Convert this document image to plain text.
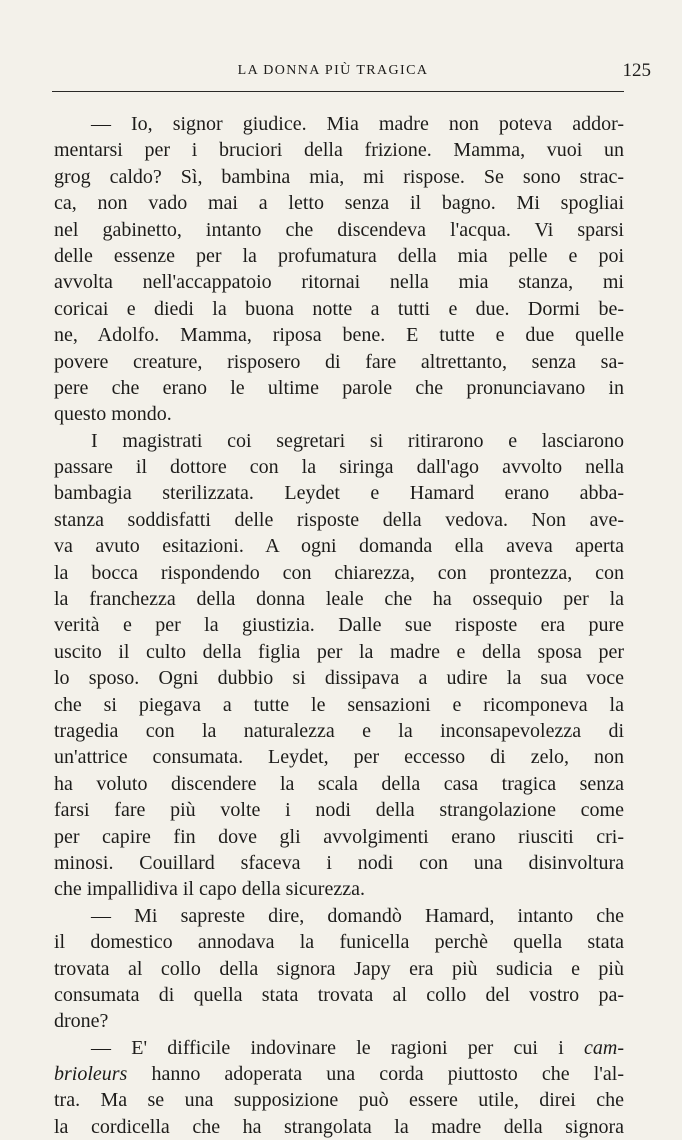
LA DONNA PIÙ TRAGICA	125
— Io, signor giudice. Mia madre non poteva addor-
mentarsi per i bruciori della frizione. Mamma, vuoi un
grog caldo? Sì, bambina mia, mi rispose. Se sono strac-
ca, non vado mai a letto senza il bagno. Mi spogliai
nel gabinetto, intanto che discendeva l'acqua. Vi sparsi
delle essenze per la profumatura della mia pelle e poi
avvolta nell'accappatoio ritornai nella mia stanza, mi
coricai e diedi la buona notte a tutti e due. Dormi be-
ne, Adolfo. Mamma, riposa bene. E tutte e due quelle
povere creature, risposero di fare altrettanto, senza sa-
pere che erano le ultime parole che pronunciavano in
questo mondo.
I magistrati coi segretari si ritirarono e lasciarono
passare il dottore con la siringa dall'ago avvolto nella
bambagia sterilizzata. Leydet e Hamard erano abba-
stanza soddisfatti delle risposte della vedova. Non ave-
va avuto esitazioni. A ogni domanda ella aveva aperta
la bocca rispondendo con chiarezza, con prontezza, con
la franchezza della donna leale che ha ossequio per la
verità e per la giustizia. Dalle sue risposte era pure
uscito il culto della figlia per la madre e della sposa per
lo sposo. Ogni dubbio si dissipava a udire la sua voce
che si piegava a tutte le sensazioni e ricomponeva la
tragedia con la naturalezza e la inconsapevolezza di
un'attrice consumata. Leydet, per eccesso di zelo, non
ha voluto discendere la scala della casa tragica senza
farsi fare più volte i nodi della strangolazione come
per capire fin dove gli avvolgimenti erano riusciti cri-
minosi. Couillard sfaceva i nodi con una disinvoltura
che impallidiva il capo della sicurezza.
— Mi sapreste dire, domandò Hamard, intanto che
il domestico annodava la funicella perchè quella stata
trovata al collo della signora Japy era più sudicia e più
consumata di quella stata trovata al collo del vostro pa-
drone?
— E' difficile indovinare le ragioni per cui i cam-
brioleurs hanno adoperata una corda piuttosto che l'al-
tra. Ma se una supposizione può essere utile, direi che
la cordicella che ha strangolata la madre della signora
